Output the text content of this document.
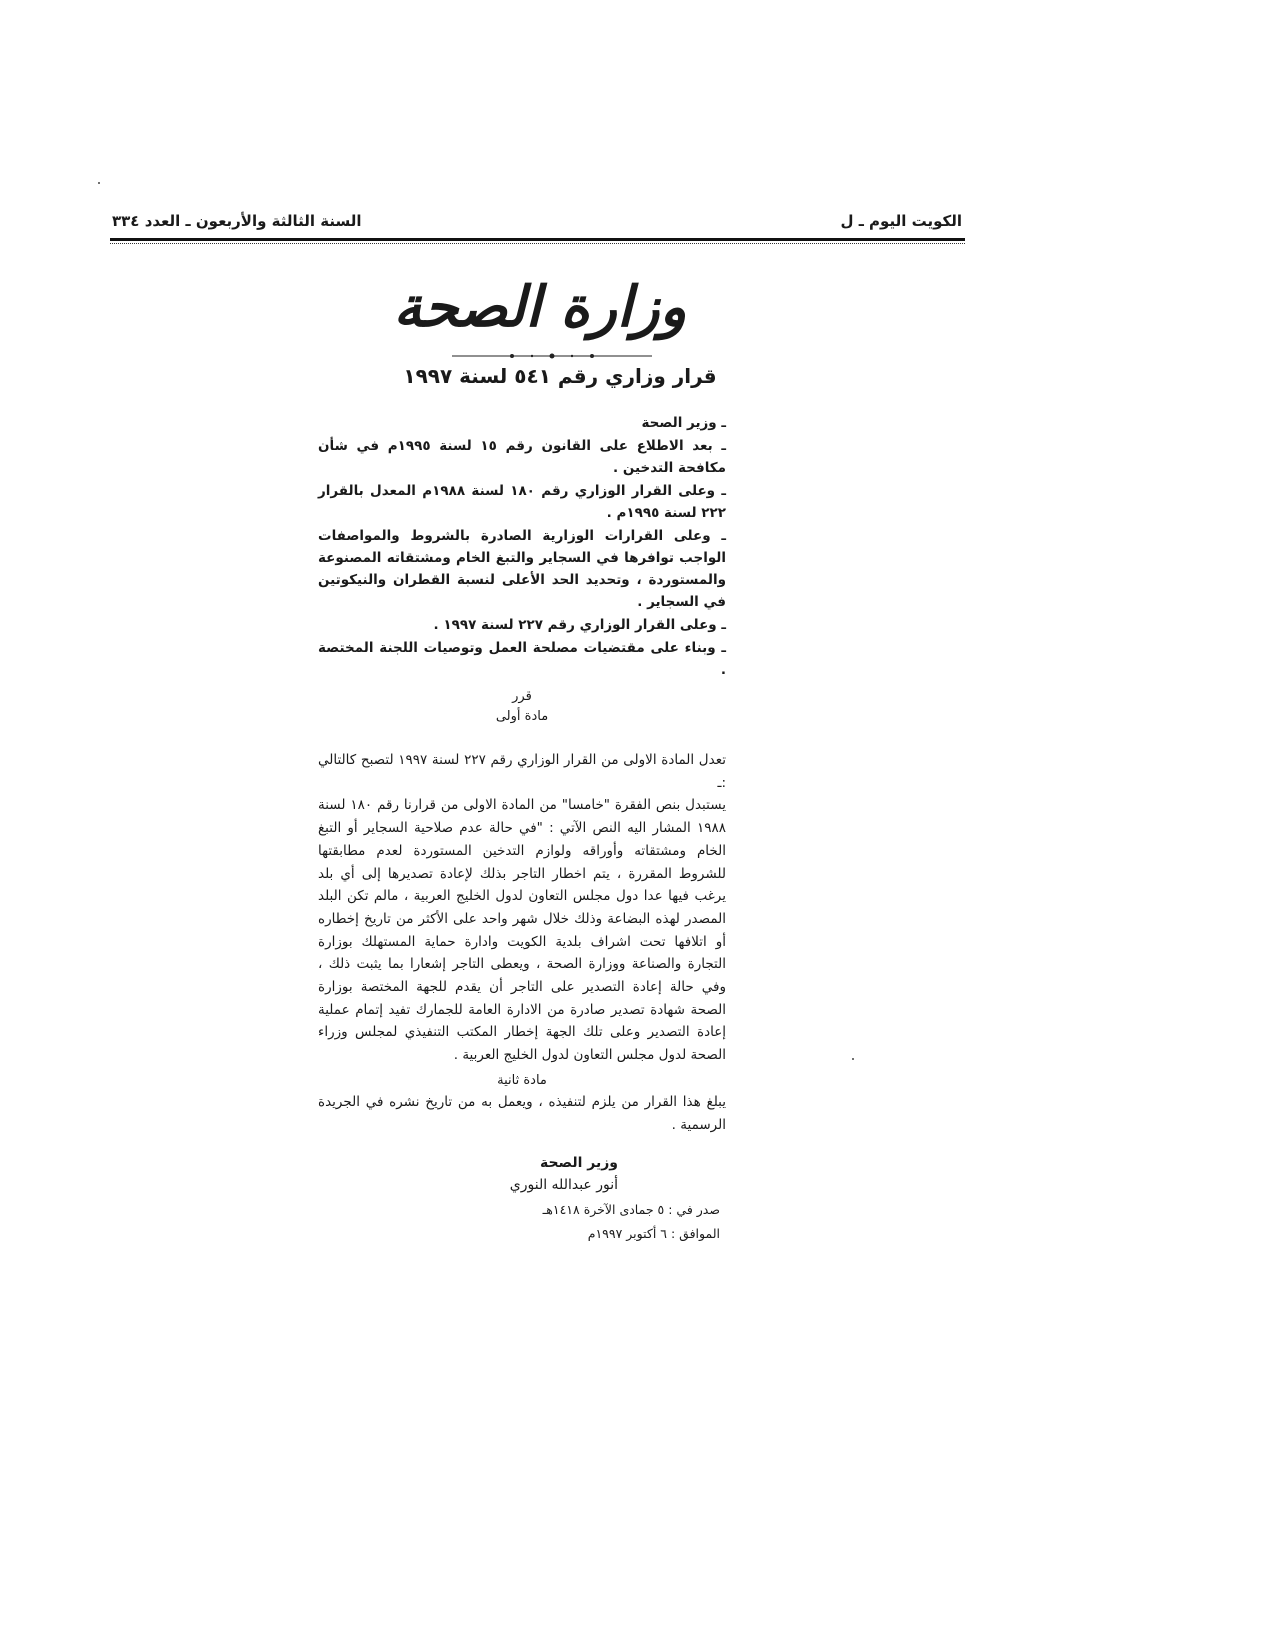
الكويت اليوم ـ ل
السنة الثالثة والأربعون ـ العدد ٣٣٤
وزارة الصحة
قرار وزاري رقم ٥٤١ لسنة ١٩٩٧

ـ وزير الصحة

ـ بعد الاطلاع على القانون رقم ١٥ لسنة ١٩٩٥م في شأن مكافحة التدخين .

ـ وعلى القرار الوزاري رقم ١٨٠ لسنة ١٩٨٨م المعدل بالقرار ٢٢٢ لسنة ١٩٩٥م .

ـ وعلى القرارات الوزارية الصادرة بالشروط والمواصفات الواجب توافرها في السجاير والتبغ الخام ومشتقاته المصنوعة والمستوردة ، وتحديد الحد الأعلى لنسبة القطران والنيكوتين في السجاير .

ـ وعلى القرار الوزاري رقم ٢٢٧ لسنة ١٩٩٧ .

ـ وبناء على مقتضيات مصلحة العمل وتوصيات اللجنة المختصة .

قرر
مادة أولى

تعدل المادة الاولى من القرار الوزاري رقم ٢٢٧ لسنة ١٩٩٧ لتصبح كالتالي :ـ

يستبدل بنص الفقرة "خامسا" من المادة الاولى من قرارنا رقم ١٨٠ لسنة ١٩٨٨ المشار اليه النص الآتي : "في حالة عدم صلاحية السجاير أو التبغ الخام ومشتقاته وأوراقه ولوازم التدخين المستوردة لعدم مطابقتها للشروط المقررة ، يتم اخطار التاجر بذلك لإعادة تصديرها إلى أي بلد يرغب فيها عدا دول مجلس التعاون لدول الخليج العربية ، مالم تكن البلد المصدر لهذه البضاعة وذلك خلال شهر واحد على الأكثر من تاريخ إخطاره أو اتلافها تحت اشراف بلدية الكويت وادارة حماية المستهلك بوزارة التجارة والصناعة ووزارة الصحة ، ويعطى التاجر إشعارا بما يثبت ذلك ، وفي حالة إعادة التصدير على التاجر أن يقدم للجهة المختصة بوزارة الصحة شهادة تصدير صادرة من الادارة العامة للجمارك تفيد إتمام عملية إعادة التصدير وعلى تلك الجهة إخطار المكتب التنفيذي لمجلس وزراء الصحة لدول مجلس التعاون لدول الخليج العربية .

مادة ثانية

يبلغ هذا القرار من يلزم لتنفيذه ، ويعمل به من تاريخ نشره في الجريدة الرسمية .

وزير الصحة
أنور عبدالله النوري
صدر في : ٥ جمادى الآخرة ١٤١٨هـ
الموافق : ٦ أكتوبر ١٩٩٧م
